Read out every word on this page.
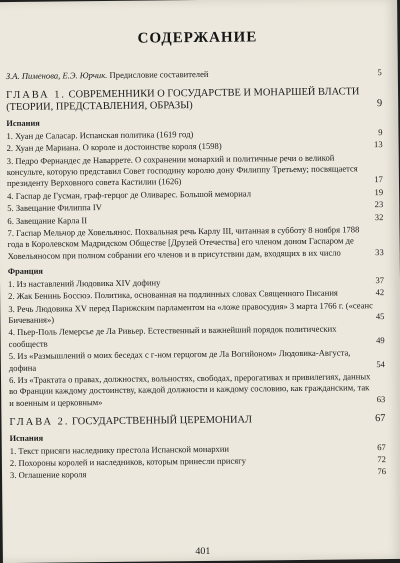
СОДЕРЖАНИЕ
З.А. Пименова, Е.Э. Юрчик. Предисловие составителей	5
ГЛАВА 1. СОВРЕМЕННИКИ О ГОСУДАРСТВЕ И МОНАРШЕЙ ВЛАСТИ (ТЕОРИИ, ПРЕДСТАВЛЕНИЯ, ОБРАЗЫ)	9
Испания
1. Хуан де Саласар. Испанская политика (1619 год)	9
2. Хуан де Мариана. О короле и достоинстве короля (1598)	13
3. Педро Фернандес де Наваррете. О сохранении монархий и политичные речи о великой консульте, которую представил Совет господину королю дону Филиппу Третьему; посвящается президенту Верховного совета Кастилии (1626)	17
4. Гаспар де Гусман, граф-герцог де Оливарес. Большой мемориал	19
5. Завещание Филиппа IV	23
6. Завещание Карла II	32
7. Гаспар Мельчор де Ховельянос. Похвальная речь Карлу III, читанная в субботу 8 ноября 1788 года в Королевском Мадридском Обществе [Друзей Отечества] его членом доном Гаспаром де Ховельяносом при полном собрании его членов и в присутствии дам, входящих в их число	33
Франция
1. Из наставлений Людовика XIV дофину	37
2. Жак Бенинь Боссюэ. Политика, основанная на подлинных словах Священного Писания	42
3. Речь Людовика XV перед Парижским парламентом на «ложе правосудия» 3 марта 1766 г. («сеанс Бичевания»)	45
4. Пьер-Поль Лемерсье де Ла Ривьер. Естественный и важнейший порядок политических сообществ	49
5. Из «Размышлений о моих беседах с г-ном герцогом де Ла Вогийоном» Людовика-Августа, дофина	54
6. Из «Трактата о правах, должностях, вольностях, свободах, прерогативах и привилегиях, данных во Франции каждому достоинству, каждой должности и каждому сословию, как гражданским, так и военным и церковным»	63
ГЛАВА 2. ГОСУДАРСТВЕННЫЙ ЦЕРЕМОНИАЛ	67
Испания
1. Текст присяги наследнику престола Испанской монархии	67
2. Похороны королей и наследников, которым принесли присягу	72
3. Оглашение короля	76
401
